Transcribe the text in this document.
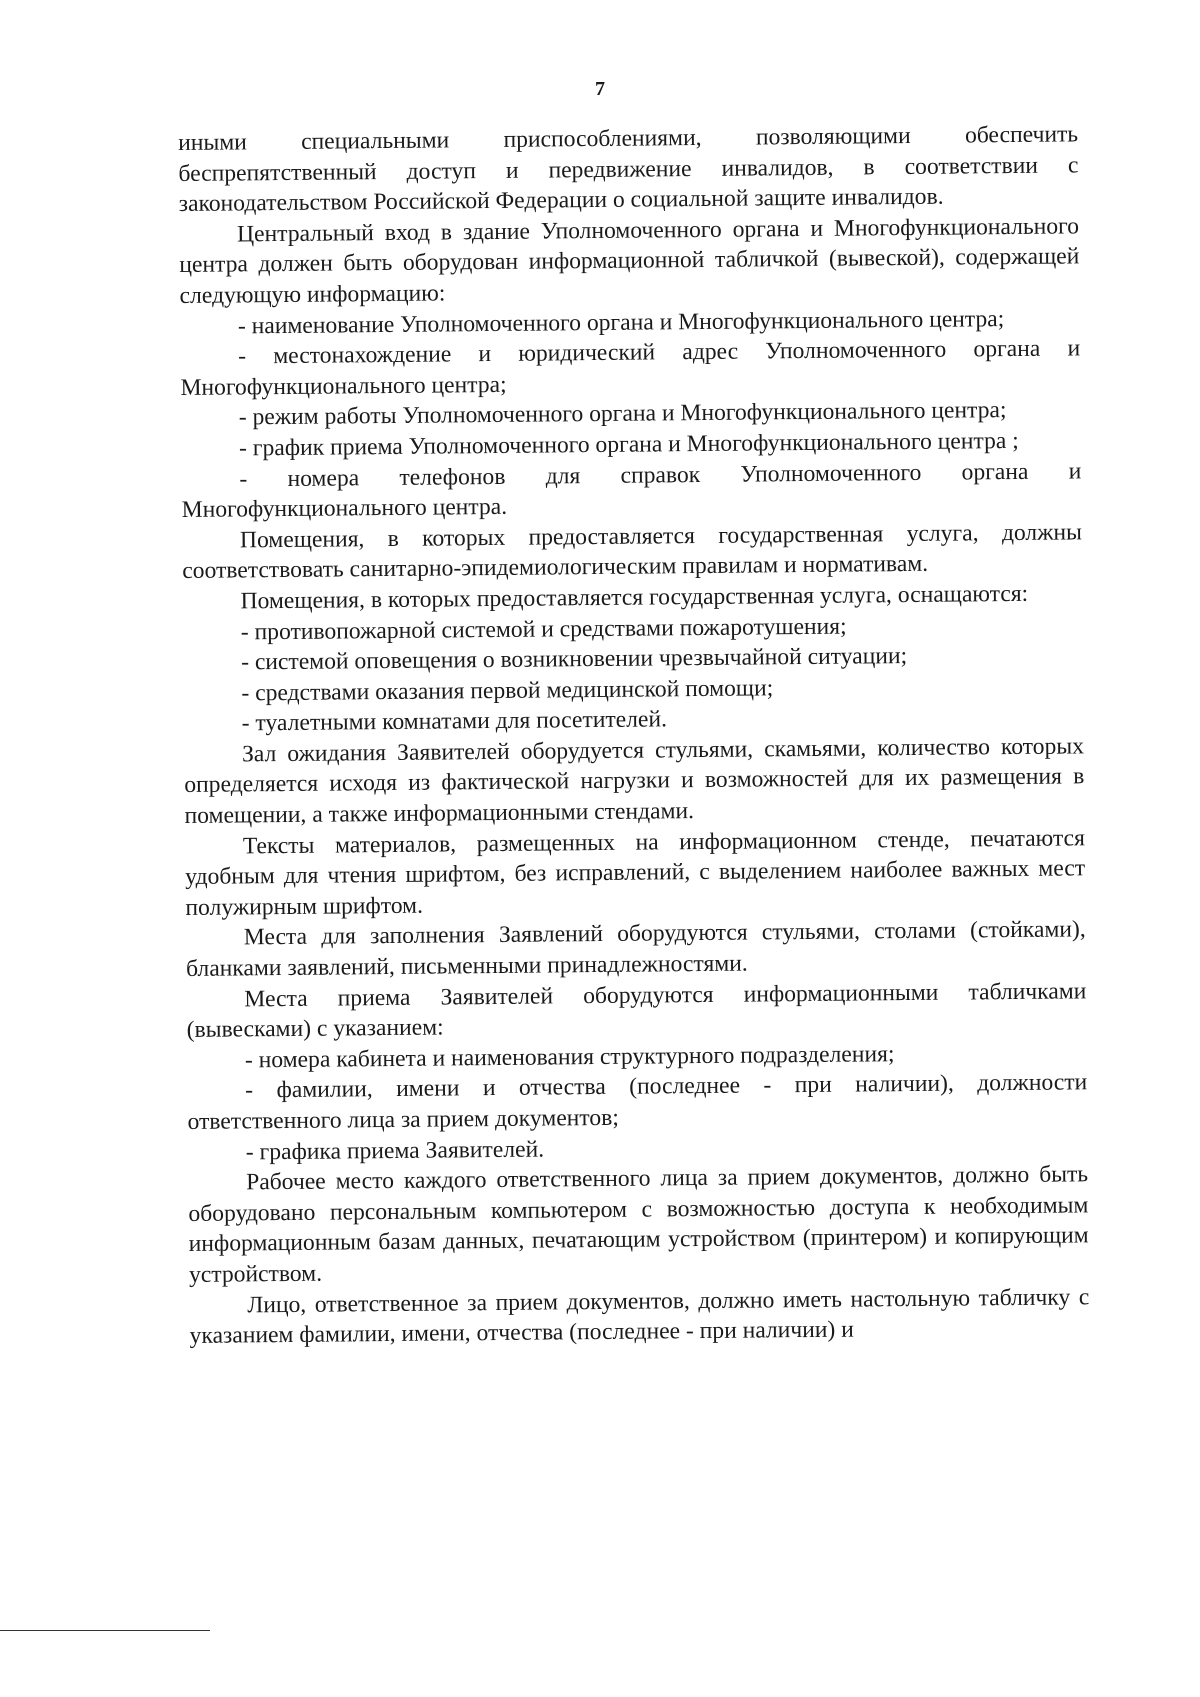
7

иными специальными приспособлениями, позволяющими обеспечить беспрепятственный доступ и передвижение инвалидов, в соответствии с законодательством Российской Федерации о социальной защите инвалидов.

Центральный вход в здание Уполномоченного органа и Многофункционального центра должен быть оборудован информационной табличкой (вывеской), содержащей следующую информацию:

- наименование Уполномоченного органа и Многофункционального центра;

- местонахождение и юридический адрес Уполномоченного органа и Многофункционального центра;

- режим работы Уполномоченного органа и Многофункционального центра;

- график приема Уполномоченного органа и Многофункционального центра ;

- номера телефонов для справок Уполномоченного органа и Многофункционального центра.

Помещения, в которых предоставляется государственная услуга, должны соответствовать санитарно-эпидемиологическим правилам и нормативам.

Помещения, в которых предоставляется государственная услуга, оснащаются:

- противопожарной системой и средствами пожаротушения;

- системой оповещения о возникновении чрезвычайной ситуации;

- средствами оказания первой медицинской помощи;

- туалетными комнатами для посетителей.

Зал ожидания Заявителей оборудуется стульями, скамьями, количество которых определяется исходя из фактической нагрузки и возможностей для их размещения в помещении, а также информационными стендами.

Тексты материалов, размещенных на информационном стенде, печатаются удобным для чтения шрифтом, без исправлений, с выделением наиболее важных мест полужирным шрифтом.

Места для заполнения Заявлений оборудуются стульями, столами (стойками), бланками заявлений, письменными принадлежностями.

Места приема Заявителей оборудуются информационными табличками (вывесками) с указанием:

- номера кабинета и наименования структурного подразделения;

- фамилии, имени и отчества (последнее - при наличии), должности ответственного лица за прием документов;

- графика приема Заявителей.

Рабочее место каждого ответственного лица за прием документов, должно быть оборудовано персональным компьютером с возможностью доступа к необходимым информационным базам данных, печатающим устройством (принтером) и копирующим устройством.

Лицо, ответственное за прием документов, должно иметь настольную табличку с указанием фамилии, имени, отчества (последнее - при наличии) и
